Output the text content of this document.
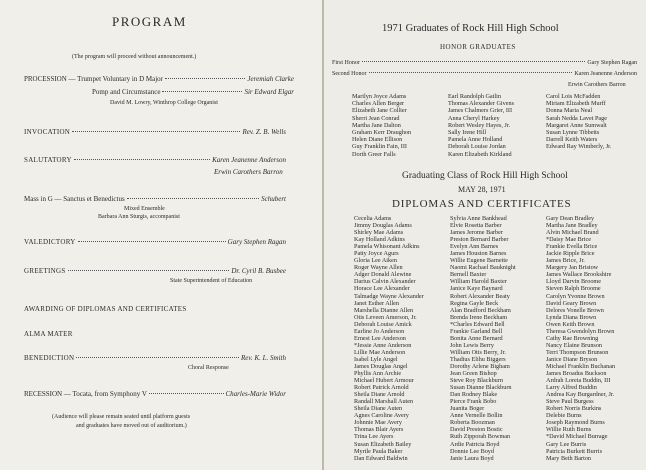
PROGRAM
(The program will proceed without announcement.)
PROCESSION — Trumpet Voluntary in D Major	Jeremiah Clarke
Pomp and Circumstance	Sir Edward Elgar
David M. Lowry, Winthrop College Organist
INVOCATION	Rev. Z. B. Wells
SALUTATORY	Karen Jeanenne Anderson
Erwin Carothers Barron
Mass in G — Sanctus et Benedictus	Schubert
Mixed Ensemble
Barbara Ann Sturgis, accompanist
VALEDICTORY	Gary Stephen Ragan
GREETINGS	Dr. Cyril B. Busbee
State Superintendent of Education
AWARDING OF DIPLOMAS AND CERTIFICATES
ALMA MATER
BENEDICTION	Rev. K. L. Smith
Choral Response
RECESSION — Tocata, from Symphony V	Charles-Marie Widor
(Audience will please remain seated until platform guests
and graduates have moved out of auditorium.)
1971 Graduates of Rock Hill High School
HONOR GRADUATES
First Honor	Gary Stephen Ragan
Second Honor	Karen Jeanenne Anderson
Erwin Carothers Barron
Marilyn Joyce Adams
Charles Allen Berger
Elizabeth Jane Collier
Sherri Jean Conrad
Martha Jane Dalton
Graham Kerr Draughon
Helen Diane Ellison
Guy Franklin Fain, III
Dorth Greer Falls
Earl Randolph Gatlin
Thomas Alexander Givens
James Chalmers Grier, III
Anna Cheryl Harkey
Robert Wesley Hayes, Jr.
Sally Irene Hill
Pamela Anne Holland
Deborah Louise Jordan
Karen Elizabeth Kirkland
Carol Lois McFadden
Miriam Elizabeth Murff
Donna Maria Neal
Sarah Nedda Lavet Page
Margaret Anne Sumwalt
Susan Lynne Tibbetts
Darrell Keith Waters
Edward Ray Wimberly, Jr.
Graduating Class of Rock Hill High School
MAY 28, 1971
DIPLOMAS AND CERTIFICATES
Cecelia Adams
Jimmy Douglas Adams
Shirley Mae Adams
Kay Holland Adkins
Pamela Whisonant Adkins
Patty Joyce Agurs
Gloria Lee Aiken
Roger Wayne Allen
Adger Donald Alewine
Darius Calvin Alexander
Horace Lee Alexander
Talmadge Wayne Alexander
Janet Esther Allen
Marshella Dianne Allen
Otis Leveen Amerson, Jr.
Deborah Louise Amick
Earline Jo Anderson
Ernest Lee Anderson
*Jessie Anne Anderson
Lillie Mae Anderson
Isabel Lyle Angel
James Douglas Angel
Phyllis Ann Archie
Michael Hubert Armour
Robert Patrick Arnold
Sheila Diane Arnold
Randall Marshall Auten
Sheila Diane Auten
Agnes Caroline Avery
Johnnie Mae Avery
Thomas Blair Ayers
Trina Lee Ayers
Susan Elizabeth Bailey
Myrtle Paula Baker
Dan Edward Baldwin
Sylvia Anne Bankhead
Elvie Rosetta Barber
James Jerome Barber
Preston Bernard Barber
Evelyn Ann Barnes
James Houston Barnes
Willie Eugene Barnette
Naomi Rachael Bauknight
Bernell Baxter
William Harold Baxter
Janice Kaye Baynard
Robert Alexander Beaty
Regina Gayle Beck
Alan Bradford Beckham
Brenda Irene Beckham
*Charles Edward Bell
Frankie Garland Bell
Bonita Anne Bernard
John Lewis Berry
William Otis Berry, Jr.
Thadius Elihu Biggers
Dorothy Arlene Bigham
Jean Green Bishop
Steve Roy Blackburn
Susan Dianne Blackburn
Dan Rodney Blake
Pierce Frank Bobo
Juanita Boger
Anne Vernelle Bollin
Roberta Boozman
David Preston Bostic
Ruth Zipporah Bowman
Ardie Patricia Boyd
Donnie Lee Boyd
Janie Laura Boyd
Gary Dean Bradley
Martha Jane Bradley
Alvin Michael Brand
*Daisy Mae Brice
Frankie Evella Brice
Jackie Ripple Brice
James Brice, Jr.
Margery Jan Bristow
James Wallace Brookshire
Lloyd Darvin Broome
Steven Ralph Broome
Carolyn Yvonne Brown
David Geary Brown
Delores Vonelle Brown
Lynda Diana Brown
Owen Keith Brown
Theresa Gwendolyn Brown
Cathy Rae Browning
Nancy Elaine Brunson
Terri Thompson Brunson
Janice Diane Bryson
Michael Franklin Buchanan
James Broadus Buckson
Ardrah Loreta Buddin, III
Larry Alfred Buddin
Andrea Kay Burgardner, Jr.
Steve Paul Burgess
Robert Norris Burkins
Delebie Burns
Joseph Raymond Burns
Willie Ruth Burns
*David Michael Burrage
Gary Lee Burris
Patricia Burkett Burris
Mary Beth Barton
